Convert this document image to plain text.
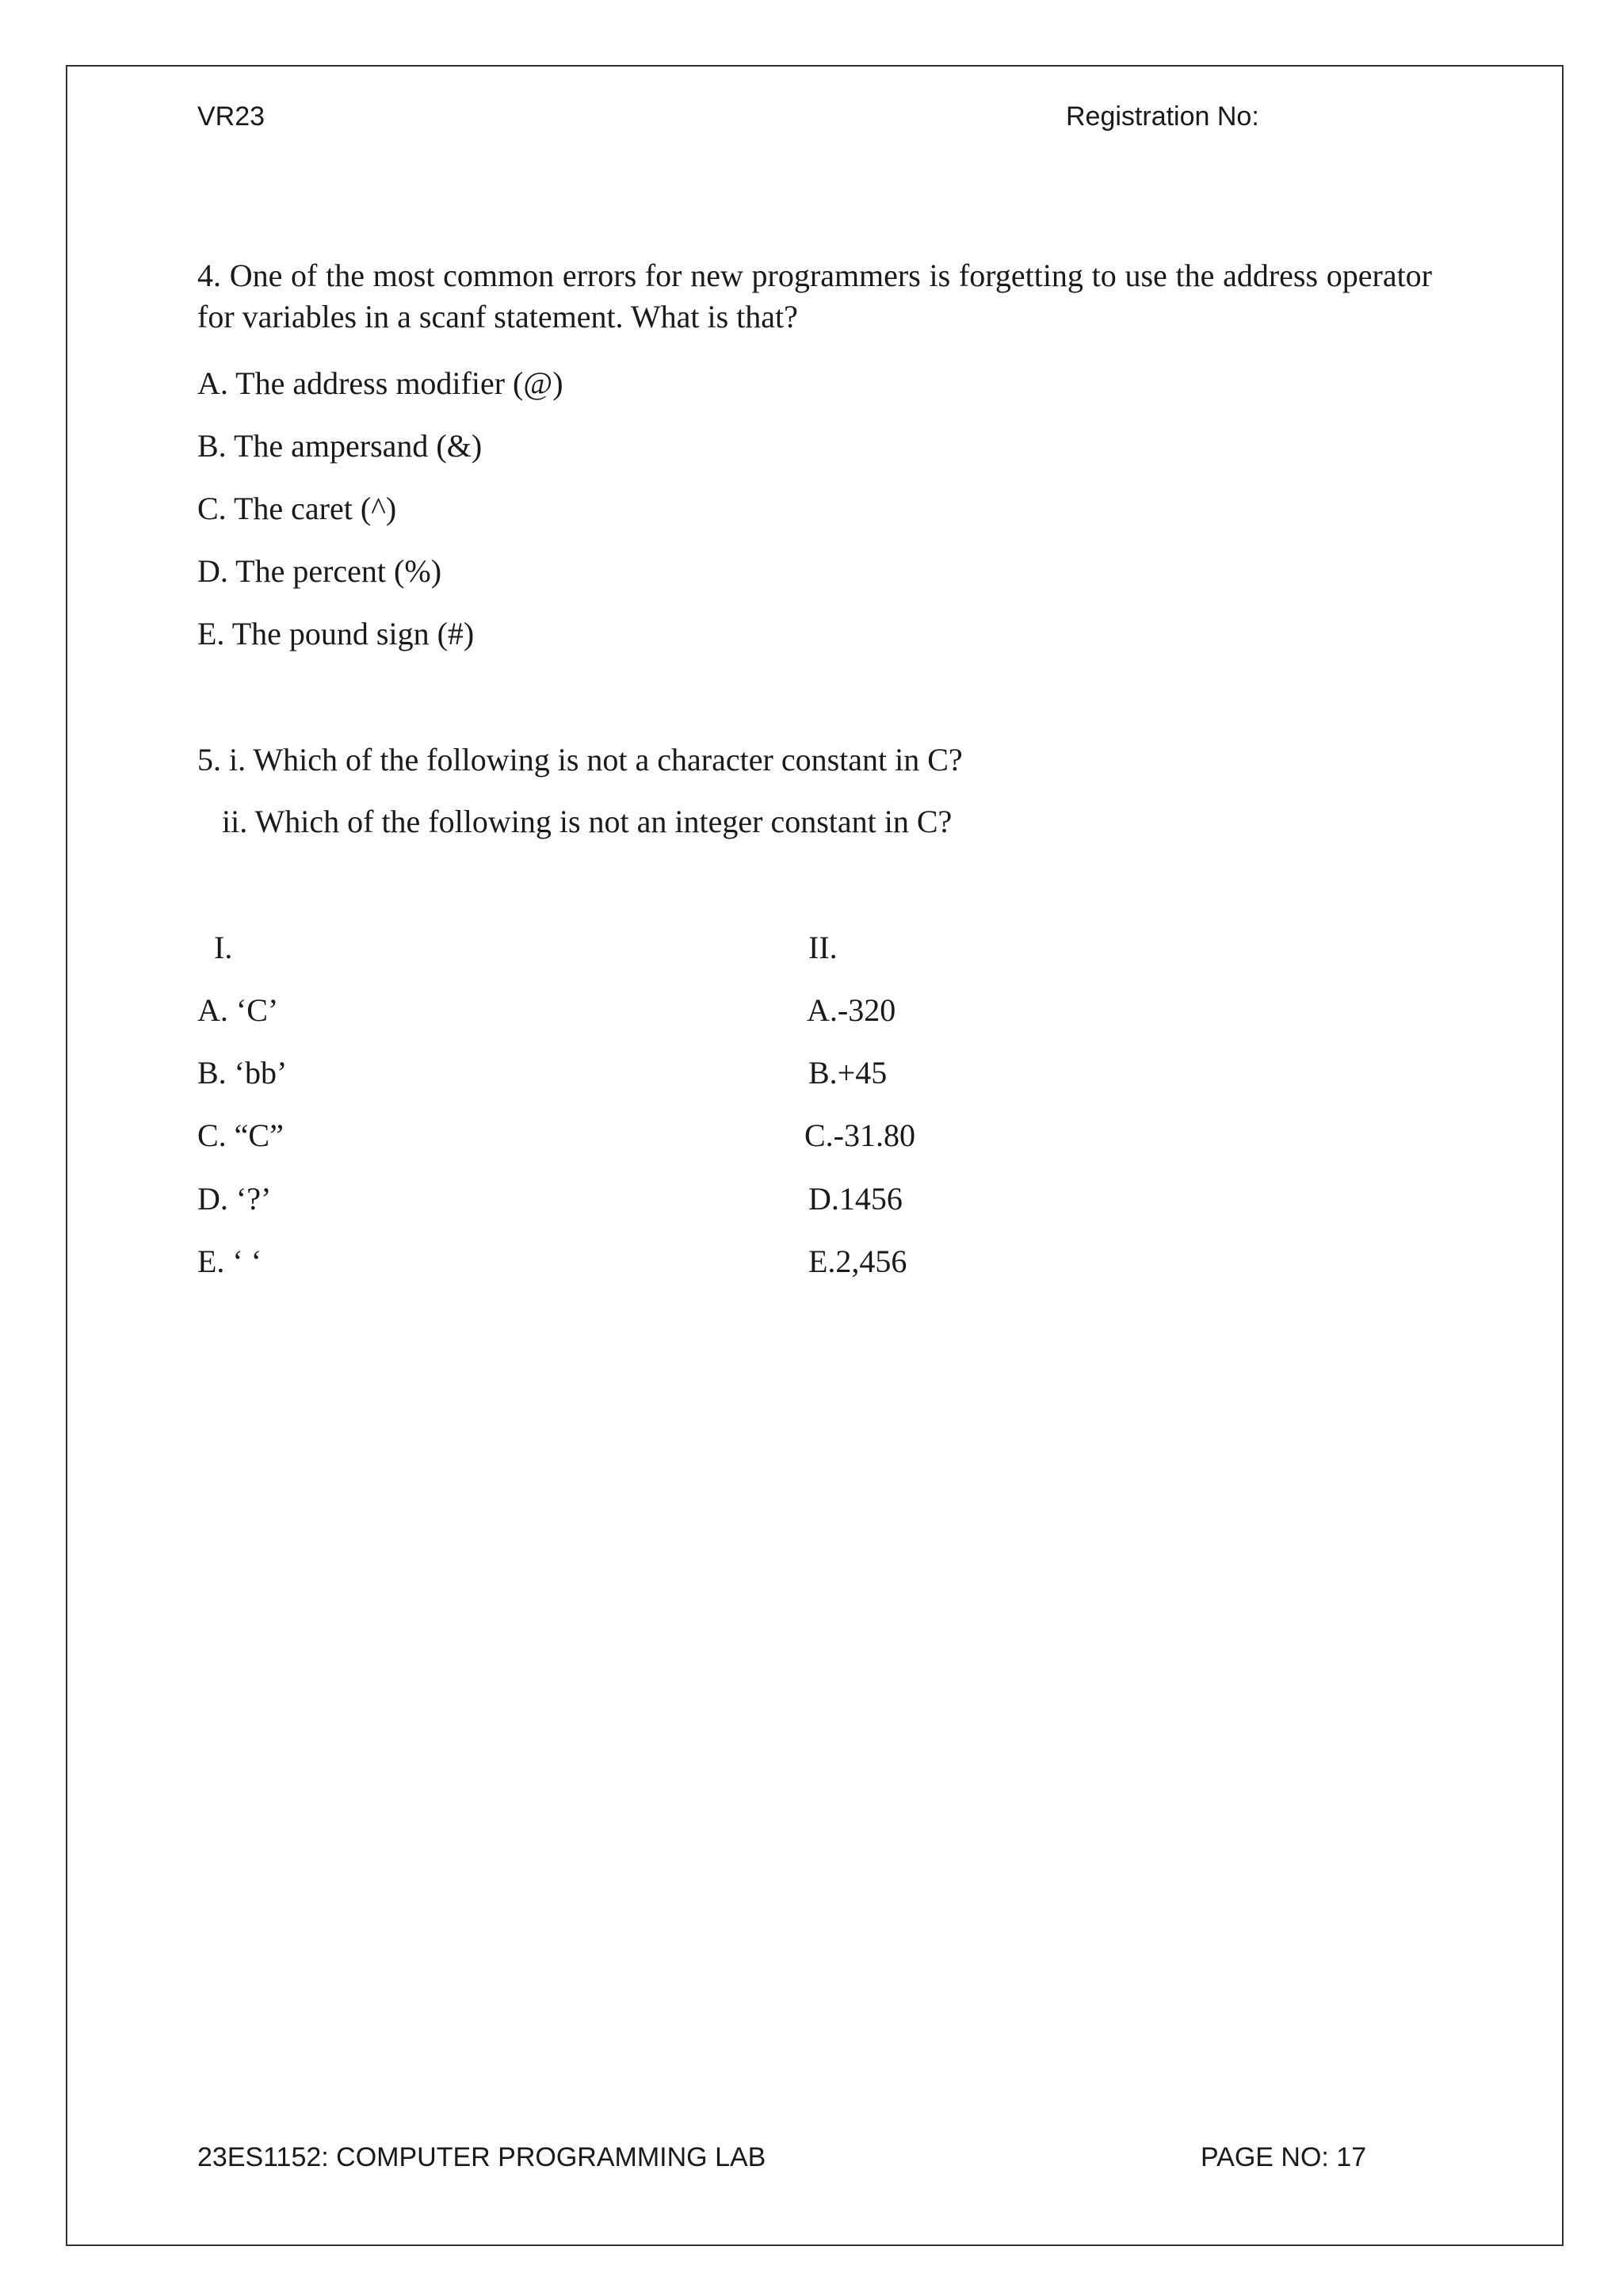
VR23	Registration No:
4. One of the most common errors for new programmers is forgetting to use the address operator for variables in a scanf statement. What is that?
A. The address modifier (@)
B. The ampersand (&)
C. The caret (^)
D. The percent (%)
E. The pound sign (#)
5. i. Which of the following is not a character constant in C?
ii. Which of the following is not an integer constant in C?
I.
A. ‘C’
B. ‘bb’
C. “C”
D. ‘?’
E. ‘ ‘
II.
A.-320
B.+45
C.-31.80
D.1456
E.2,456
23ES1152: COMPUTER PROGRAMMING LAB	PAGE NO: 17
